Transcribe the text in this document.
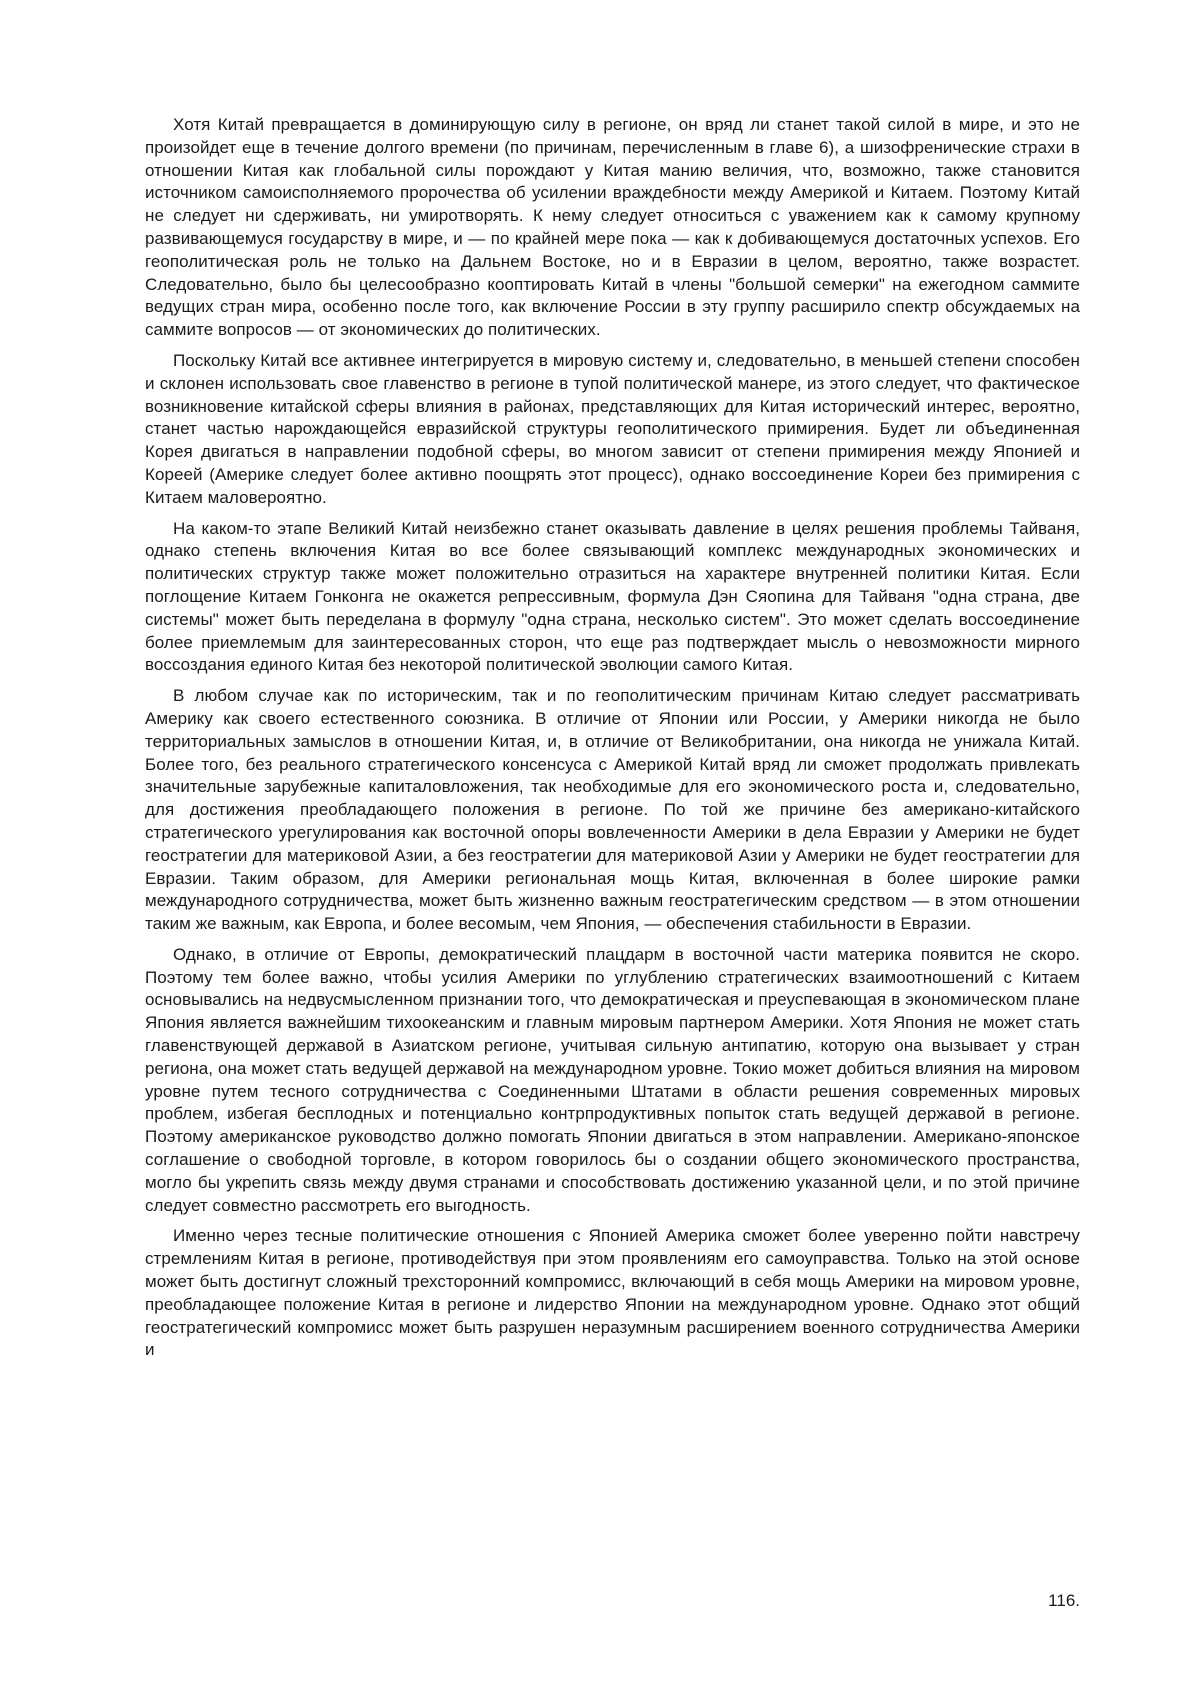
Хотя Китай превращается в доминирующую силу в регионе, он вряд ли станет такой силой в мире, и это не произойдет еще в течение долгого времени (по причинам, перечисленным в главе 6), а шизофренические страхи в отношении Китая как глобальной силы порождают у Китая манию величия, что, возможно, также становится источником самоисполняемого пророчества об усилении враждебности между Америкой и Китаем. Поэтому Китай не следует ни сдерживать, ни умиротворять. К нему следует относиться с уважением как к самому крупному развивающемуся государству в мире, и — по крайней мере пока — как к добивающемуся достаточных успехов. Его геополитическая роль не только на Дальнем Востоке, но и в Евразии в целом, вероятно, также возрастет. Следовательно, было бы целесообразно кооптировать Китай в члены "большой семерки" на ежегодном саммите ведущих стран мира, особенно после того, как включение России в эту группу расширило спектр обсуждаемых на саммите вопросов — от экономических до политических.

Поскольку Китай все активнее интегрируется в мировую систему и, следовательно, в меньшей степени способен и склонен использовать свое главенство в регионе в тупой политической манере, из этого следует, что фактическое возникновение китайской сферы влияния в районах, представляющих для Китая исторический интерес, вероятно, станет частью нарождающейся евразийской структуры геополитического примирения. Будет ли объединенная Корея двигаться в направлении подобной сферы, во многом зависит от степени примирения между Японией и Кореей (Америке следует более активно поощрять этот процесс), однако воссоединение Кореи без примирения с Китаем маловероятно.

На каком-то этапе Великий Китай неизбежно станет оказывать давление в целях решения проблемы Тайваня, однако степень включения Китая во все более связывающий комплекс международных экономических и политических структур также может положительно отразиться на характере внутренней политики Китая. Если поглощение Китаем Гонконга не окажется репрессивным, формула Дэн Сяопина для Тайваня "одна страна, две системы" может быть переделана в формулу "одна страна, несколько систем". Это может сделать воссоединение более приемлемым для заинтересованных сторон, что еще раз подтверждает мысль о невозможности мирного воссоздания единого Китая без некоторой политической эволюции самого Китая.

В любом случае как по историческим, так и по геополитическим причинам Китаю следует рассматривать Америку как своего естественного союзника. В отличие от Японии или России, у Америки никогда не было территориальных замыслов в отношении Китая, и, в отличие от Великобритании, она никогда не унижала Китай. Более того, без реального стратегического консенсуса с Америкой Китай вряд ли сможет продолжать привлекать значительные зарубежные капиталовложения, так необходимые для его экономического роста и, следовательно, для достижения преобладающего положения в регионе. По той же причине без американо-китайского стратегического урегулирования как восточной опоры вовлеченности Америки в дела Евразии у Америки не будет геостратегии для материковой Азии, а без геостратегии для материковой Азии у Америки не будет геостратегии для Евразии. Таким образом, для Америки региональная мощь Китая, включенная в более широкие рамки международного сотрудничества, может быть жизненно важным геостратегическим средством — в этом отношении таким же важным, как Европа, и более весомым, чем Япония, — обеспечения стабильности в Евразии.

Однако, в отличие от Европы, демократический плацдарм в восточной части материка появится не скоро. Поэтому тем более важно, чтобы усилия Америки по углублению стратегических взаимоотношений с Китаем основывались на недвусмысленном признании того, что демократическая и преуспевающая в экономическом плане Япония является важнейшим тихоокеанским и главным мировым партнером Америки. Хотя Япония не может стать главенствующей державой в Азиатском регионе, учитывая сильную антипатию, которую она вызывает у стран региона, она может стать ведущей державой на международном уровне. Токио может добиться влияния на мировом уровне путем тесного сотрудничества с Соединенными Штатами в области решения современных мировых проблем, избегая бесплодных и потенциально контрпродуктивных попыток стать ведущей державой в регионе. Поэтому американское руководство должно помогать Японии двигаться в этом направлении. Американо-японское соглашение о свободной торговле, в котором говорилось бы о создании общего экономического пространства, могло бы укрепить связь между двумя странами и способствовать достижению указанной цели, и по этой причине следует совместно рассмотреть его выгодность.

Именно через тесные политические отношения с Японией Америка сможет более уверенно пойти навстречу стремлениям Китая в регионе, противодействуя при этом проявлениям его самоуправства. Только на этой основе может быть достигнут сложный трехсторонний компромисс, включающий в себя мощь Америки на мировом уровне, преобладающее положение Китая в регионе и лидерство Японии на международном уровне. Однако этот общий геостратегический компромисс может быть разрушен неразумным расширением военного сотрудничества Америки и

116.
